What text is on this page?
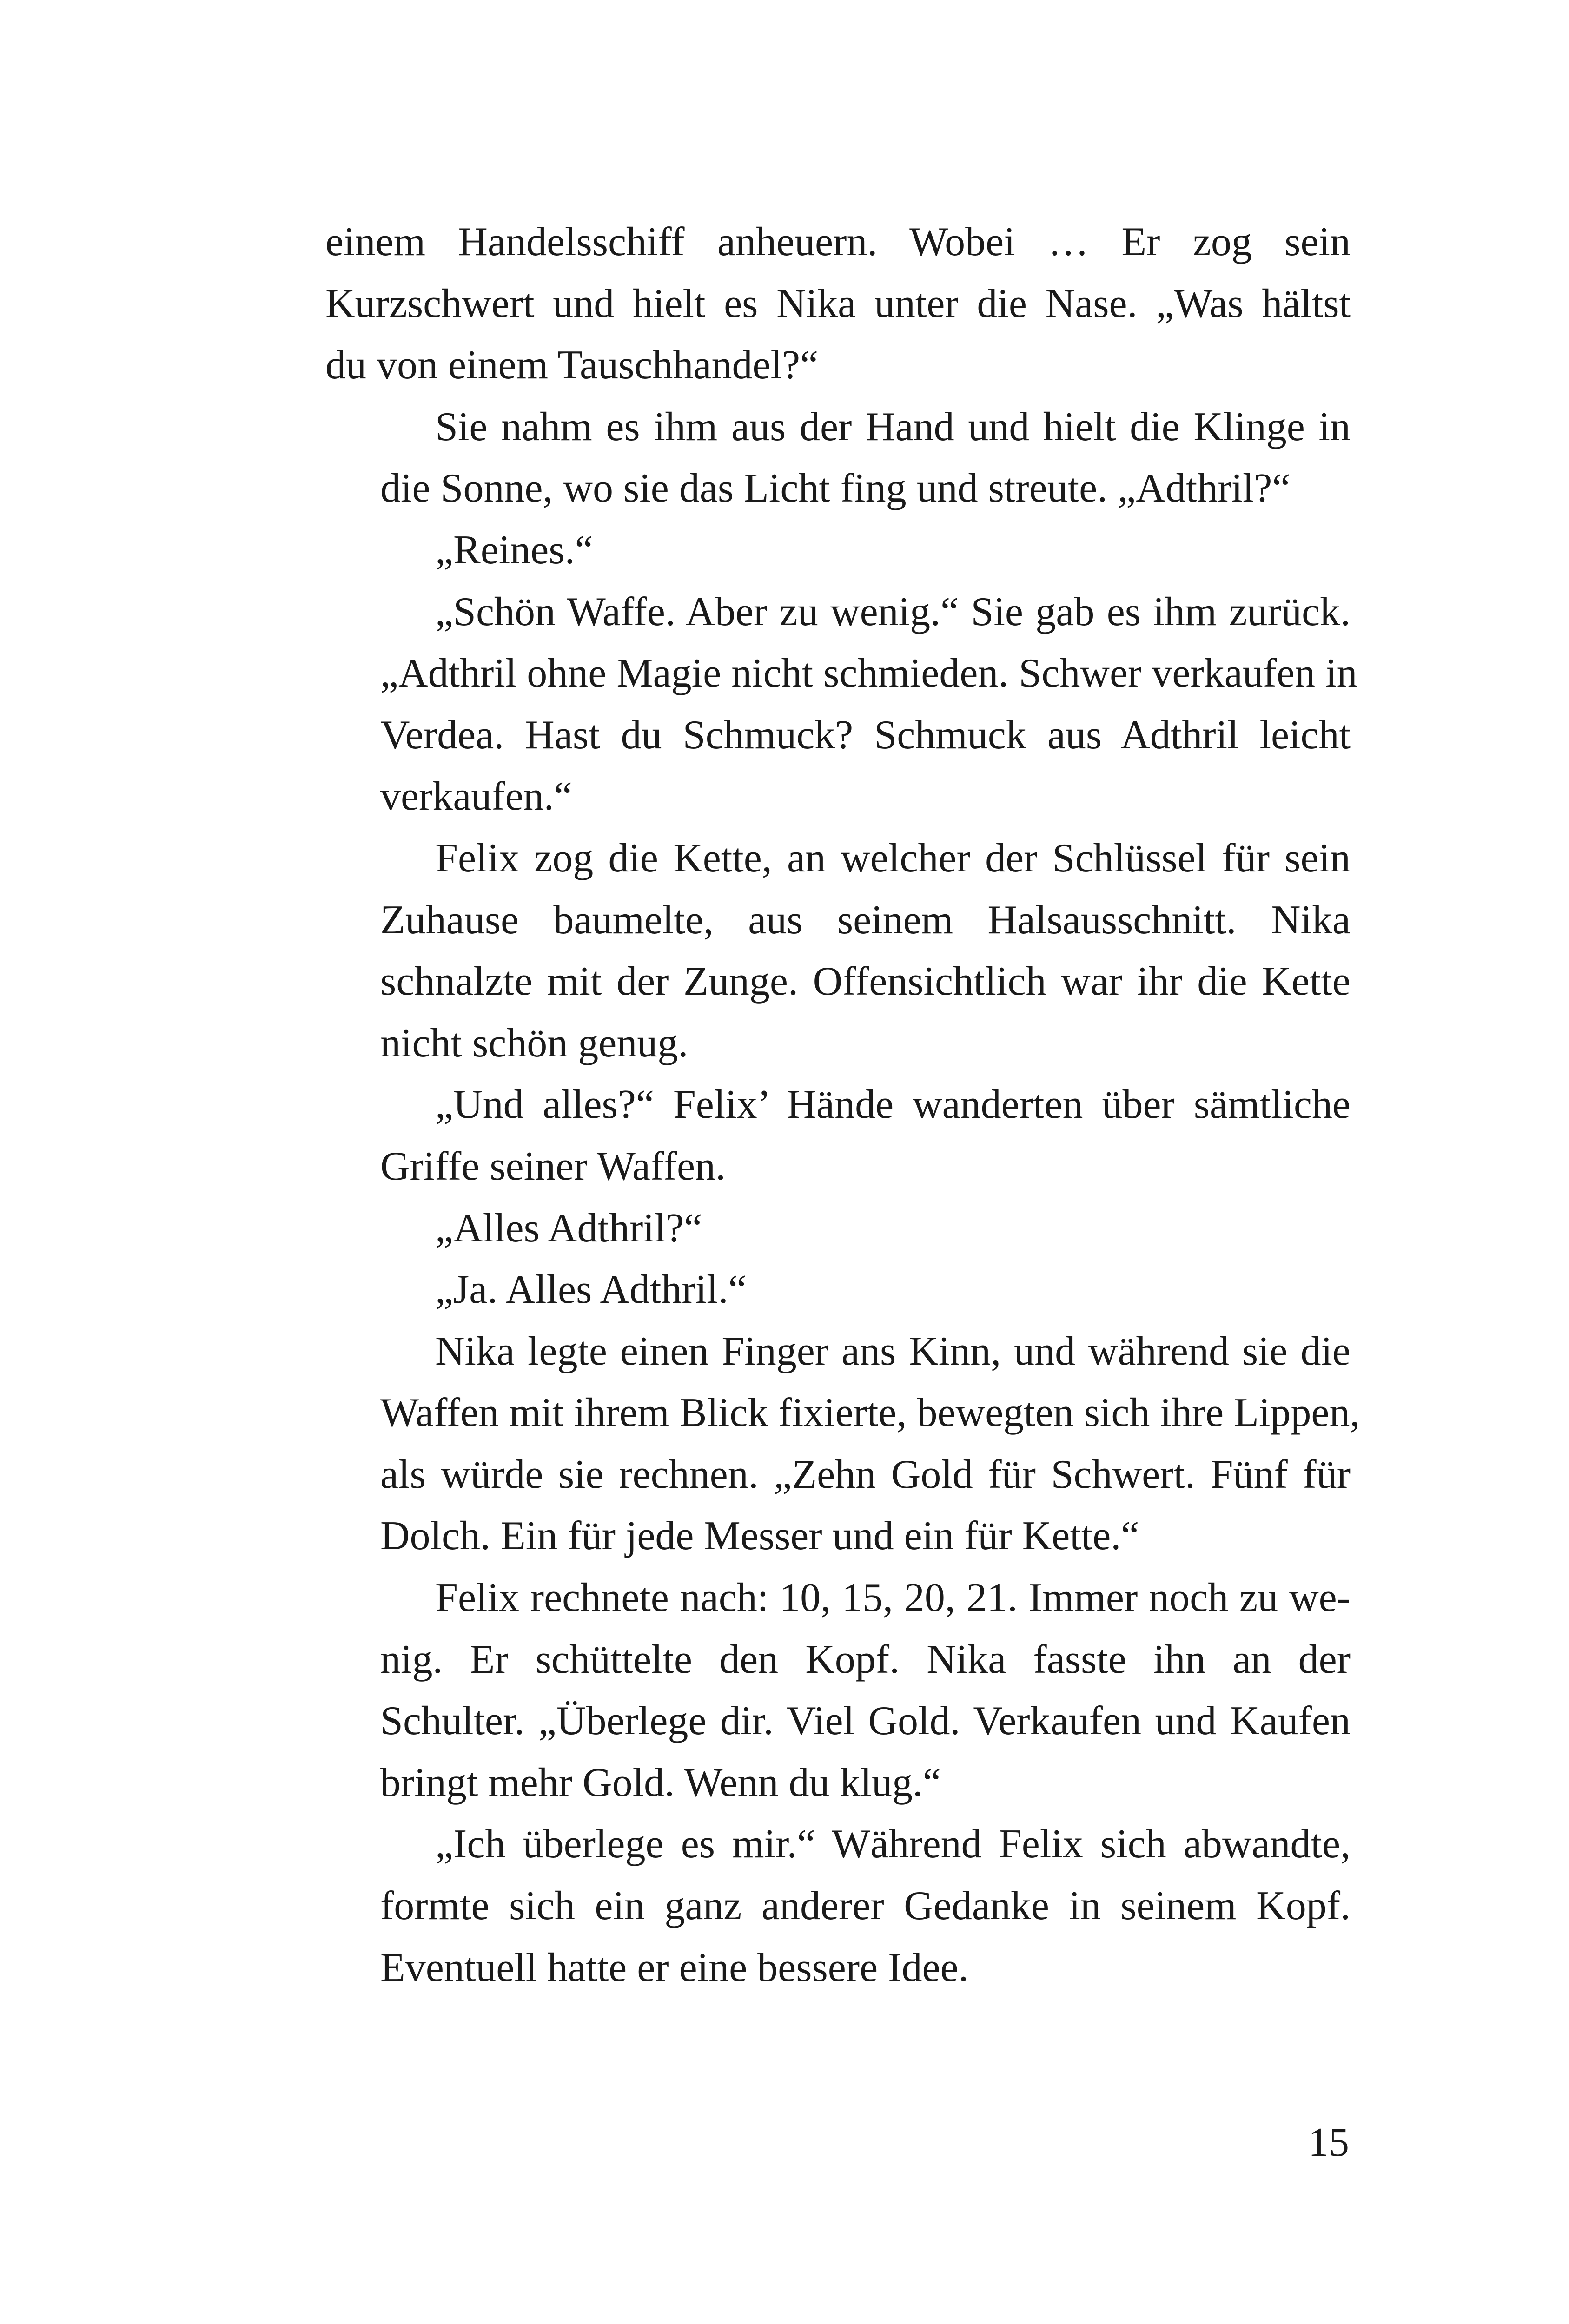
einem Handelsschiff anheuern. Wobei … Er zog sein
Kurzschwert und hielt es Nika unter die Nase. „Was hältst
du von einem Tauschhandel?“

Sie nahm es ihm aus der Hand und hielt die Klinge in
die Sonne, wo sie das Licht fing und streute. „Adthril?“

„Reines.“

„Schön Waffe. Aber zu wenig.“ Sie gab es ihm zurück.
„Adthril ohne Magie nicht schmieden. Schwer verkaufen in
Verdea. Hast du Schmuck? Schmuck aus Adthril leicht
verkaufen.“

Felix zog die Kette, an welcher der Schlüssel für sein
Zuhause baumelte, aus seinem Halsausschnitt. Nika
schnalzte mit der Zunge. Offensichtlich war ihr die Kette
nicht schön genug.

„Und alles?“ Felix’ Hände wanderten über sämtliche
Griffe seiner Waffen.

„Alles Adthril?“

„Ja. Alles Adthril.“

Nika legte einen Finger ans Kinn, und während sie die
Waffen mit ihrem Blick fixierte, bewegten sich ihre Lippen,
als würde sie rechnen. „Zehn Gold für Schwert. Fünf für
Dolch. Ein für jede Messer und ein für Kette.“

Felix rechnete nach: 10, 15, 20, 21. Immer noch zu we-
nig. Er schüttelte den Kopf. Nika fasste ihn an der
Schulter. „Überlege dir. Viel Gold. Verkaufen und Kaufen
bringt mehr Gold. Wenn du klug.“

„Ich überlege es mir.“ Während Felix sich abwandte,
formte sich ein ganz anderer Gedanke in seinem Kopf.
Eventuell hatte er eine bessere Idee.

15
